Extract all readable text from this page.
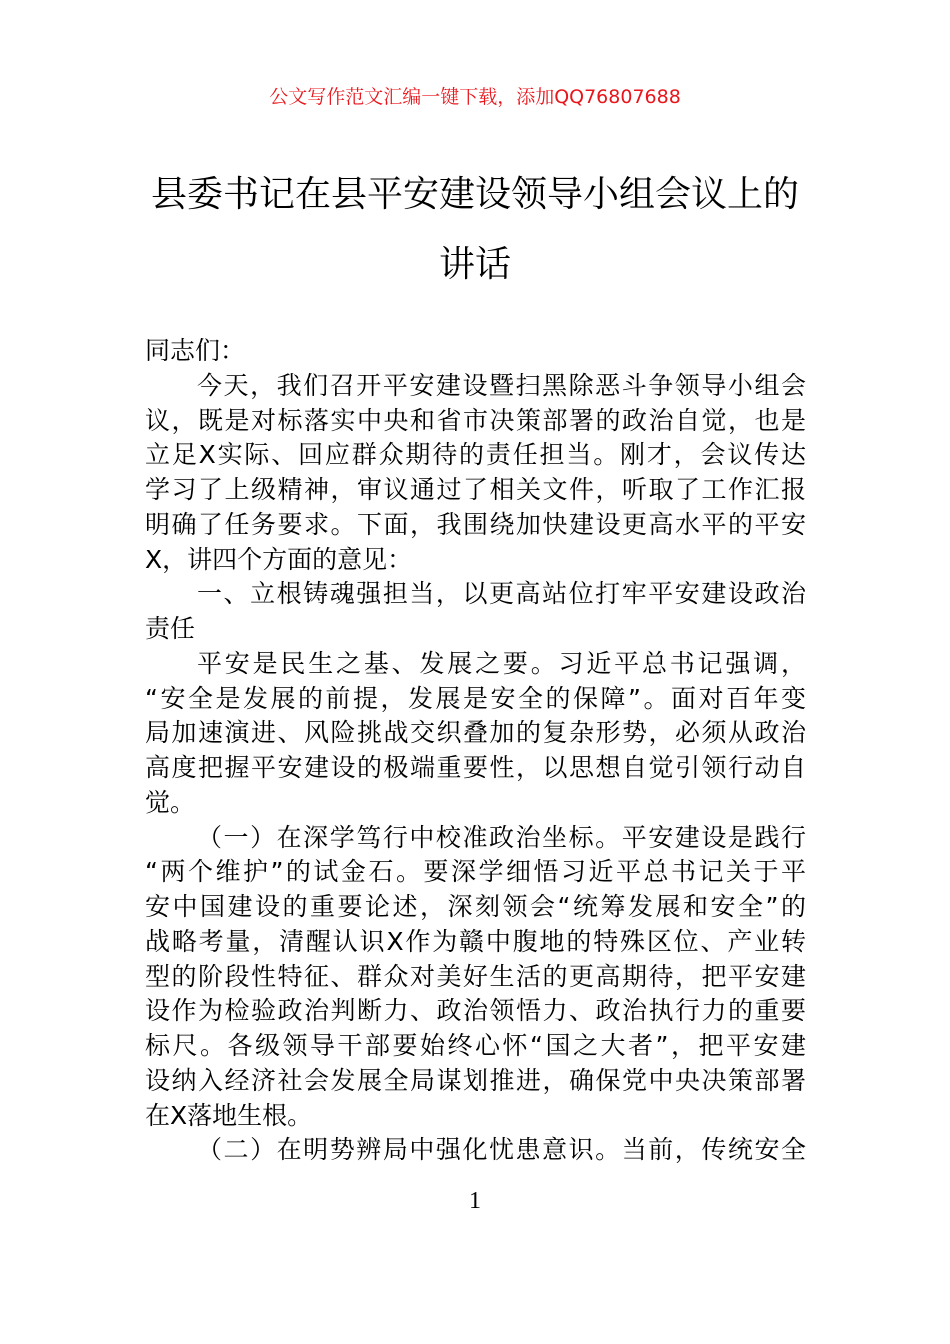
公文写作范文汇编一键下载，添加QQ76807688
县委书记在县平安建设领导小组会议上的
讲话
同志们：
今天，我们召开平安建设暨扫黑除恶斗争领导小组会
议，既是对标落实中央和省市决策部署的政治自觉，也是
立足X实际、回应群众期待的责任担当。刚才，会议传达
学习了上级精神，审议通过了相关文件，听取了工作汇报
明确了任务要求。下面，我围绕加快建设更高水平的平安
X，讲四个方面的意见：
一、立根铸魂强担当，以更高站位打牢平安建设政治
责任
平安是民生之基、发展之要。习近平总书记强调，
“安全是发展的前提，发展是安全的保障”。面对百年变
局加速演进、风险挑战交织叠加的复杂形势，必须从政治
高度把握平安建设的极端重要性，以思想自觉引领行动自
觉。
（一）在深学笃行中校准政治坐标。平安建设是践行
“两个维护”的试金石。要深学细悟习近平总书记关于平
安中国建设的重要论述，深刻领会“统筹发展和安全”的
战略考量，清醒认识X作为赣中腹地的特殊区位、产业转
型的阶段性特征、群众对美好生活的更高期待，把平安建
设作为检验政治判断力、政治领悟力、政治执行力的重要
标尺。各级领导干部要始终心怀“国之大者”，把平安建
设纳入经济社会发展全局谋划推进，确保党中央决策部署
在X落地生根。
（二）在明势辨局中强化忧患意识。当前，传统安全
1
